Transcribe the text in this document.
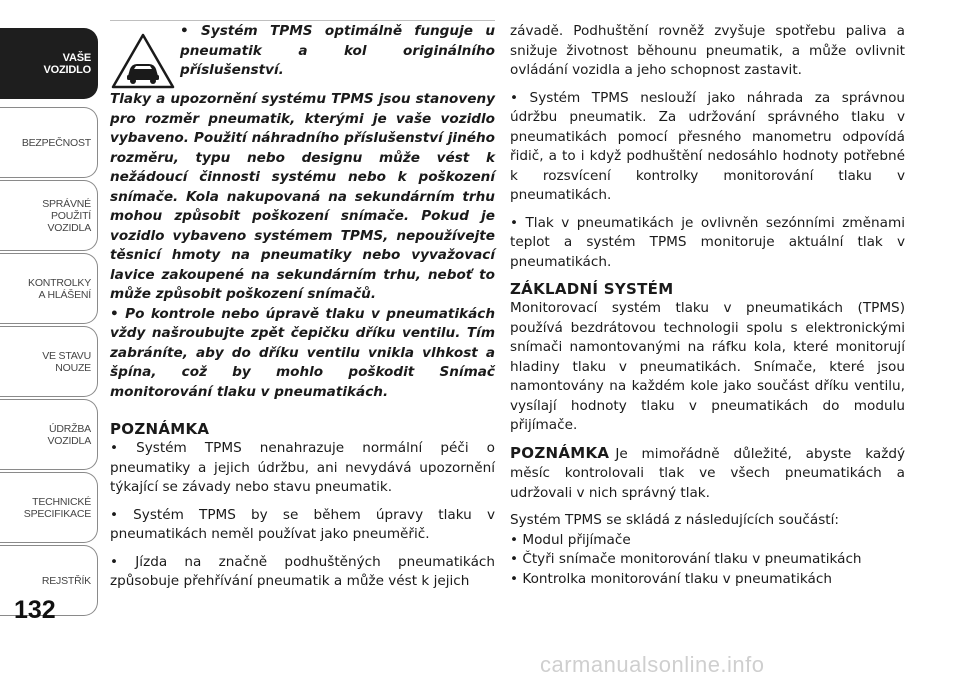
VAŠE
VOZIDLO
BEZPEČNOST
SPRÁVNÉ
POUŽITÍ
VOZIDLA
KONTROLKY
A HLÁŠENÍ
VE STAVU
NOUZE
ÚDRŽBA
VOZIDLA
TECHNICKÉ
SPECIFIKACE
REJSTŘÍK
132

• Systém TPMS optimálně funguje u pneumatik a kol originálního příslušenství.

Tlaky a upozornění systému TPMS jsou stanoveny pro rozměr pneumatik, kterými je vaše vozidlo vybaveno. Použití náhradního příslušenství jiného rozměru, typu nebo designu může vést k nežádoucí činnosti systému nebo k poškození snímače. Kola nakupovaná na sekundárním trhu mohou způsobit poškození snímače. Pokud je vozidlo vybaveno systémem TPMS, nepoužívejte těsnicí hmoty na pneumatiky nebo vyvažovací lavice zakoupené na sekundárním trhu, neboť to může způsobit poškození snímačů.

• Po kontrole nebo úpravě tlaku v pneumatikách vždy našroubujte zpět čepičku dříku ventilu. Tím zabráníte, aby do dříku ventilu vnikla vlhkost a špína, což by mohlo poškodit Snímač monitorování tlaku v pneumatikách.

POZNÁMKA

• Systém TPMS nenahrazuje normální péči o pneumatiky a jejich údržbu, ani nevydává upozornění týkající se závady nebo stavu pneumatik.

• Systém TPMS by se během úpravy tlaku v pneumatikách neměl používat jako pneuměřič.

• Jízda na značně podhuštěných pneumatikách způsobuje přehřívání pneumatik a může vést k jejich

závadě. Podhuštění rovněž zvyšuje spotřebu paliva a snižuje životnost běhounu pneumatik, a může ovlivnit ovládání vozidla a jeho schopnost zastavit.

• Systém TPMS neslouží jako náhrada za správnou údržbu pneumatik. Za udržování správného tlaku v pneumatikách pomocí přesného manometru odpovídá řidič, a to i když podhuštění nedosáhlo hodnoty potřebné k rozsvícení kontrolky monitorování tlaku v pneumatikách.

• Tlak v pneumatikách je ovlivněn sezónními změnami teplot a systém TPMS monitoruje aktuální tlak v pneumatikách.

ZÁKLADNÍ SYSTÉM

Monitorovací systém tlaku v pneumatikách (TPMS) používá bezdrátovou technologii spolu s elektronickými snímači namontovanými na ráfku kola, které monitorují hladiny tlaku v pneumatikách. Snímače, které jsou namontovány na každém kole jako součást dříku ventilu, vysílají hodnoty tlaku v pneumatikách do modulu přijímače.

POZNÁMKA Je mimořádně důležité, abyste každý měsíc kontrolovali tlak ve všech pneumatikách a udržovali v nich správný tlak.

Systém TPMS se skládá z následujících součástí:

• Modul přijímače
• Čtyři snímače monitorování tlaku v pneumatikách
• Kontrolka monitorování tlaku v pneumatikách
carmanualsonline.info
